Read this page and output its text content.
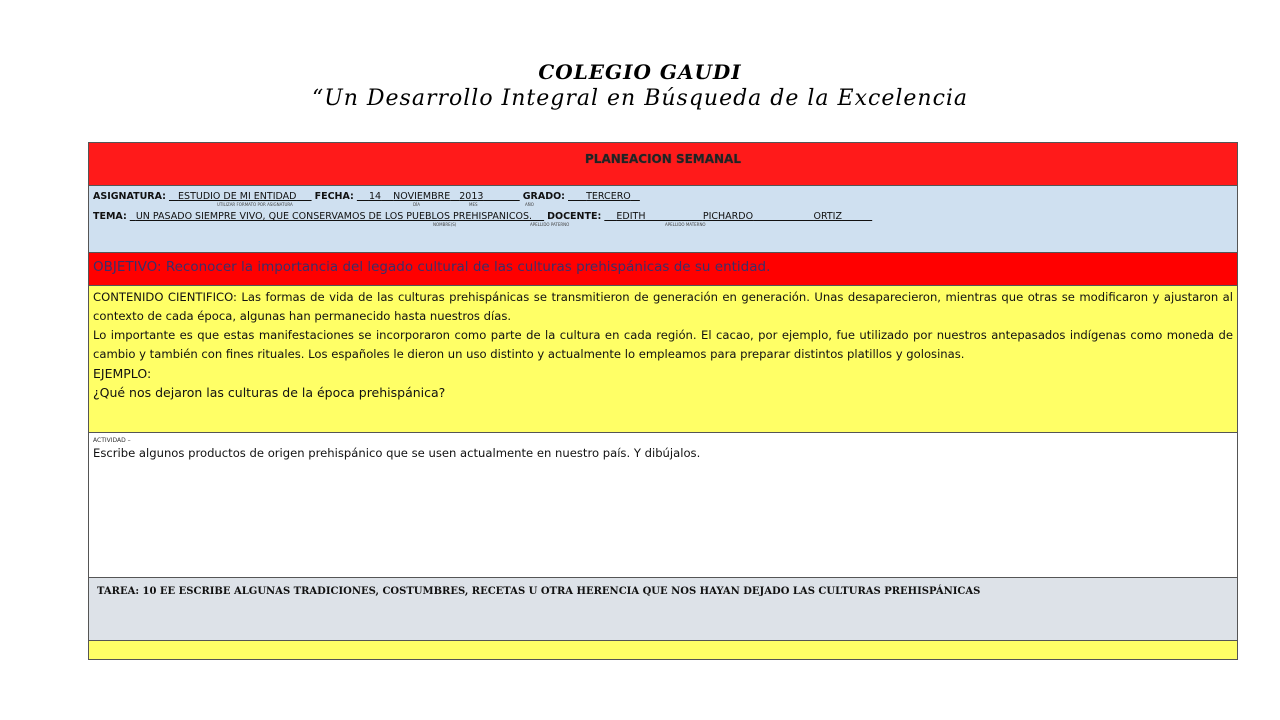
COLEGIO GAUDI
“Un Desarrollo Integral en Búsqueda de la Excelencia
PLANEACION SEMANAL

ASIGNATURA: ESTUDIO DE MI ENTIDAD FECHA: 14 NOVIEMBRE 2013	GRADO: TERCERO
UTILIZAR FORMATO POR ASIGNATURA	DÍA	MES	AÑO
TEMA: UN PASADO SIEMPRE VIVO, QUE CONSERVAMOS DE LOS PUEBLOS PREHISPANICOS. DOCENTE: EDITH	PICHARDO	ORTIZ
NOMBRE(S)	APELLIDO PATERNO	APELLIDO MATERNO

OBJETIVO: Reconocer la importancia del legado cultural de las culturas prehispánicas de su entidad.

CONTENIDO CIENTIFICO: Las formas de vida de las culturas prehispánicas se transmitieron de generación en generación. Unas desaparecieron, mientras que otras se modificaron y ajustaron al contexto de cada época, algunas han permanecido hasta nuestros días.

Lo importante es que estas manifestaciones se incorporaron como parte de la cultura en cada región. El cacao, por ejemplo, fue utilizado por nuestros antepasados indígenas como moneda de cambio y también con fines rituales. Los españoles le dieron un uso distinto y actualmente lo empleamos para preparar distintos platillos y golosinas.

EJEMPLO:
¿Qué nos dejaron las culturas de la época prehispánica?

ACTIVIDAD –
Escribe algunos productos de origen prehispánico que se usen actualmente en nuestro país. Y dibújalos.

TAREA: 10 EE ESCRIBE ALGUNAS TRADICIONES, COSTUMBRES, RECETAS U OTRA HERENCIA QUE NOS HAYAN DEJADO LAS CULTURAS PREHISPÁNICAS
